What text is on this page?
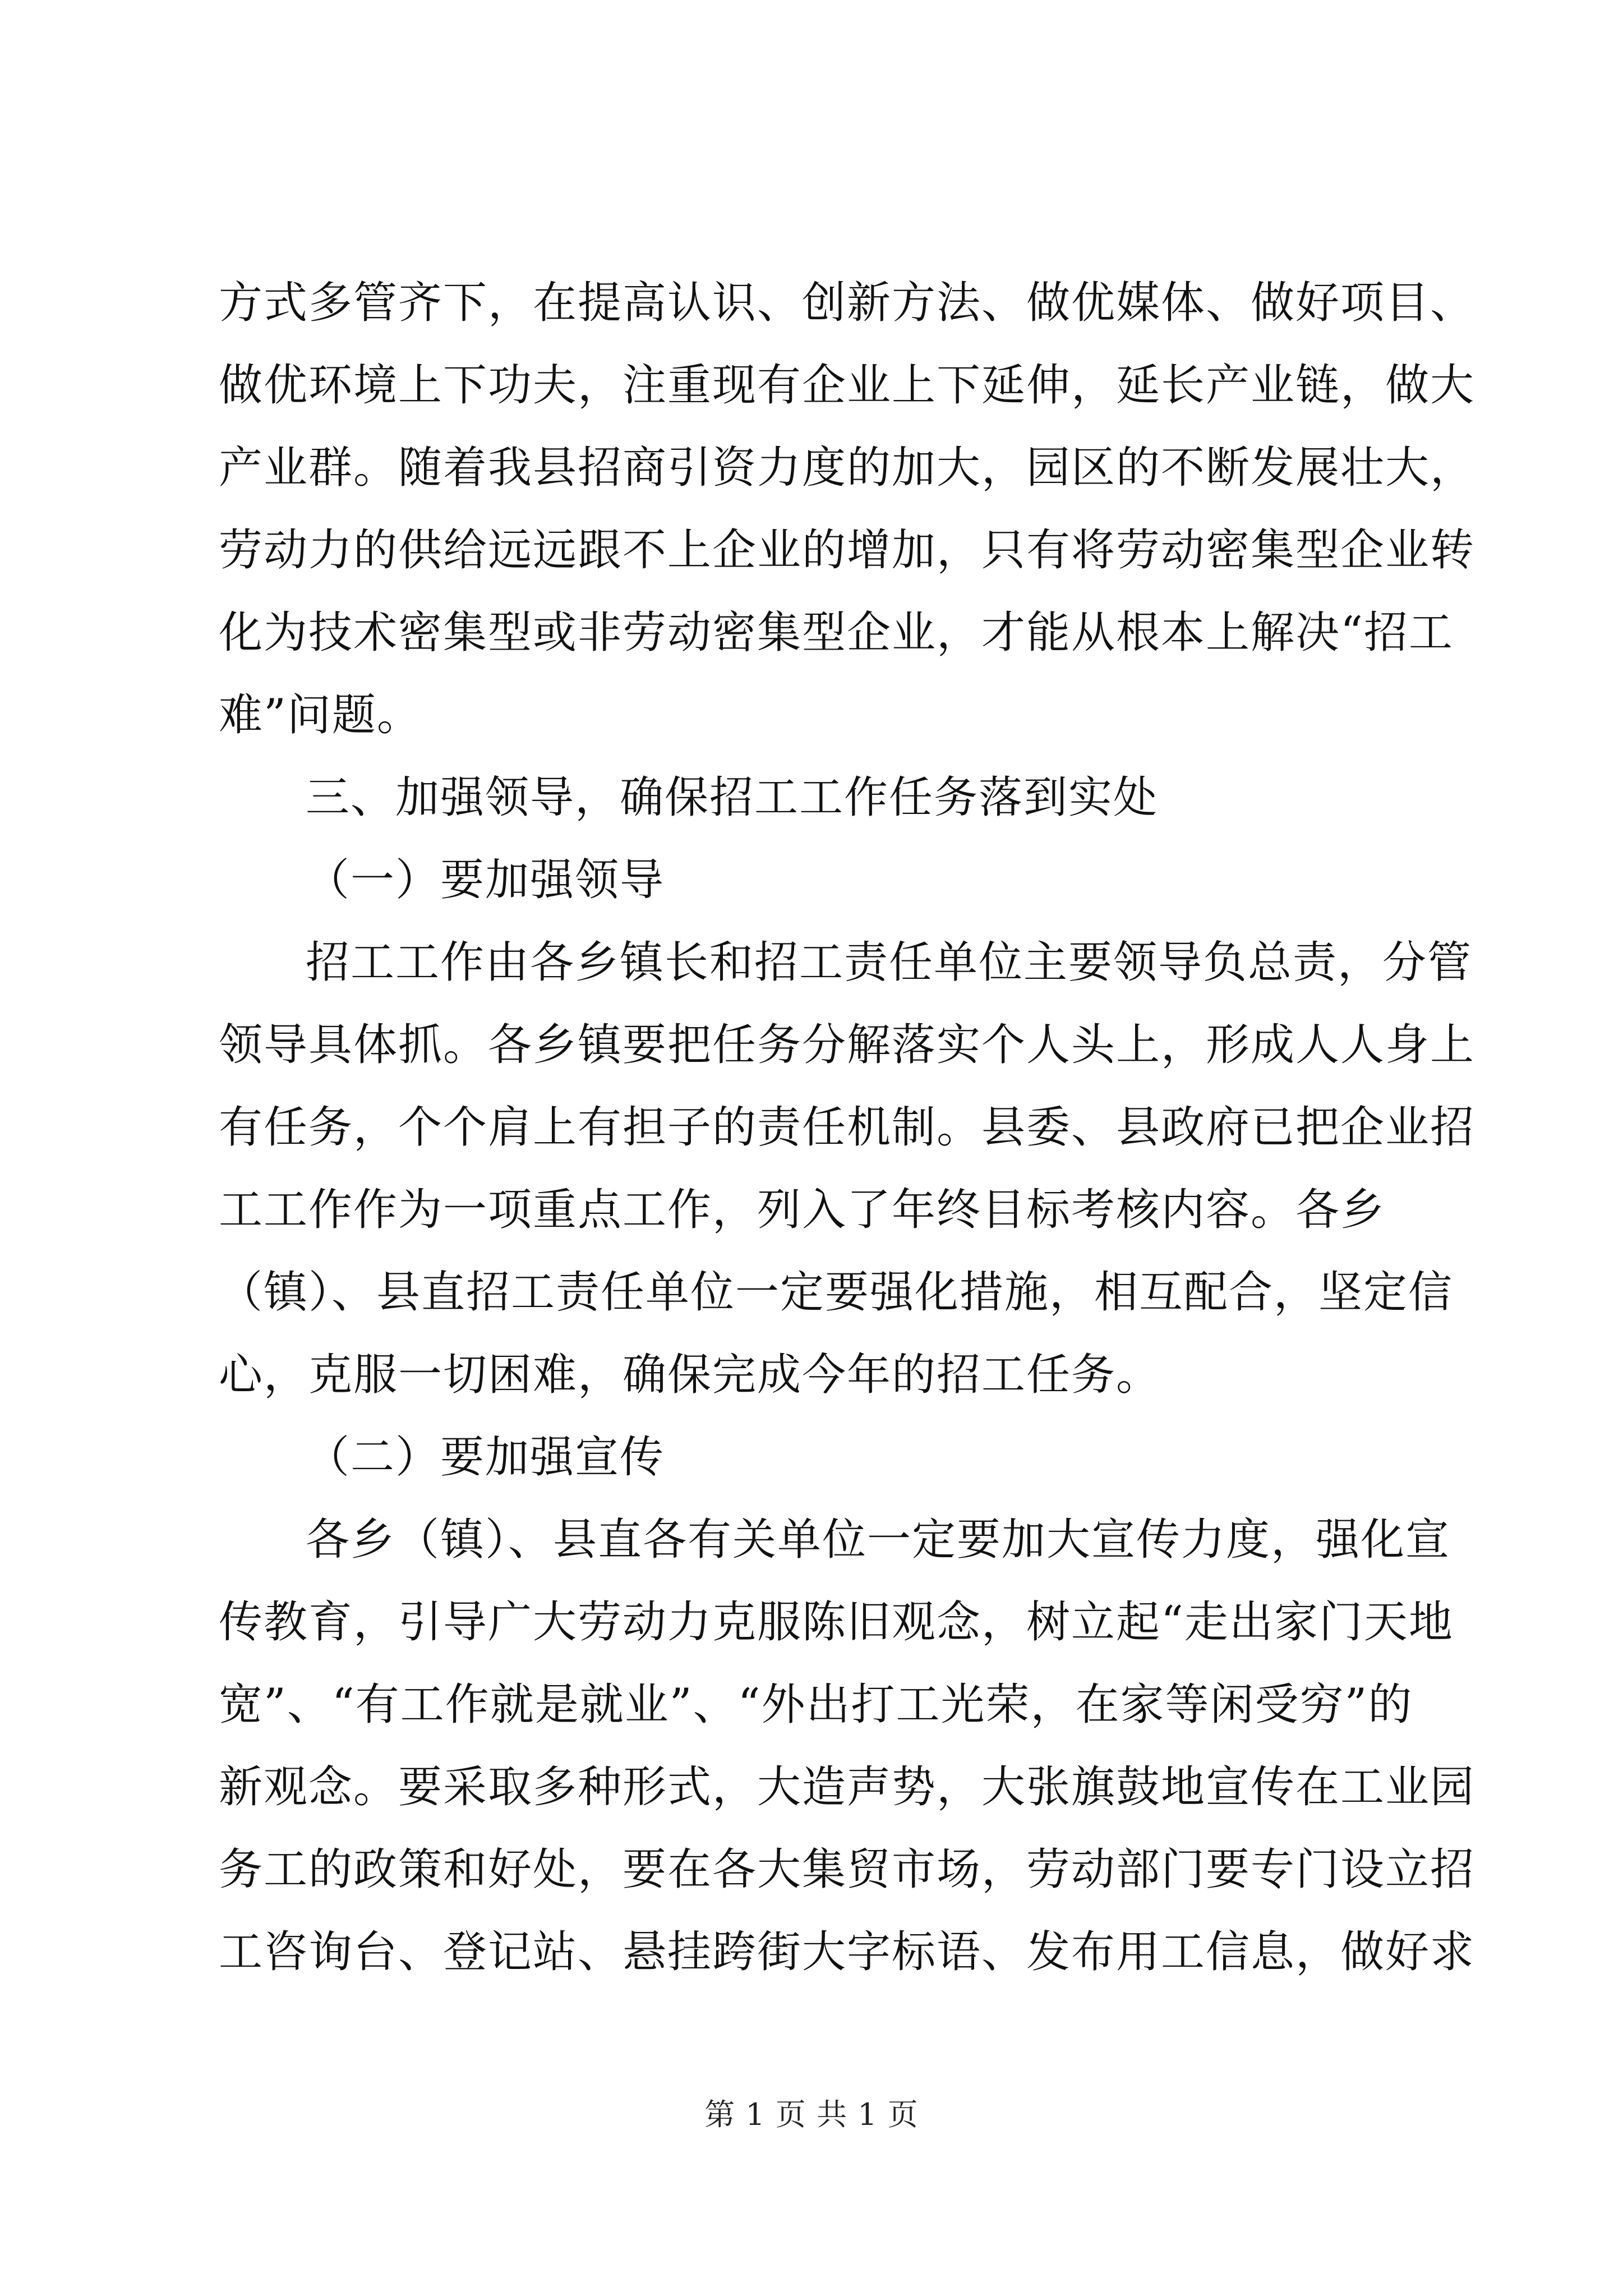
方式多管齐下，在提高认识、创新方法、做优媒体、做好项目、
做优环境上下功夫，注重现有企业上下延伸，延长产业链，做大
产业群。随着我县招商引资力度的加大，园区的不断发展壮大，
劳动力的供给远远跟不上企业的增加，只有将劳动密集型企业转
化为技术密集型或非劳动密集型企业，才能从根本上解决“招工
难”问题。
三、加强领导，确保招工工作任务落到实处
（一）要加强领导
招工工作由各乡镇长和招工责任单位主要领导负总责，分管
领导具体抓。各乡镇要把任务分解落实个人头上，形成人人身上
有任务，个个肩上有担子的责任机制。县委、县政府已把企业招
工工作作为一项重点工作，列入了年终目标考核内容。各乡
（镇）、县直招工责任单位一定要强化措施，相互配合，坚定信
心，克服一切困难，确保完成今年的招工任务。
（二）要加强宣传
各乡（镇）、县直各有关单位一定要加大宣传力度，强化宣
传教育，引导广大劳动力克服陈旧观念，树立起“走出家门天地
宽”、“有工作就是就业”、“外出打工光荣，在家等闲受穷”的
新观念。要采取多种形式，大造声势，大张旗鼓地宣传在工业园
务工的政策和好处，要在各大集贸市场，劳动部门要专门设立招
工咨询台、登记站、悬挂跨街大字标语、发布用工信息，做好求
第 1 页 共 1 页
